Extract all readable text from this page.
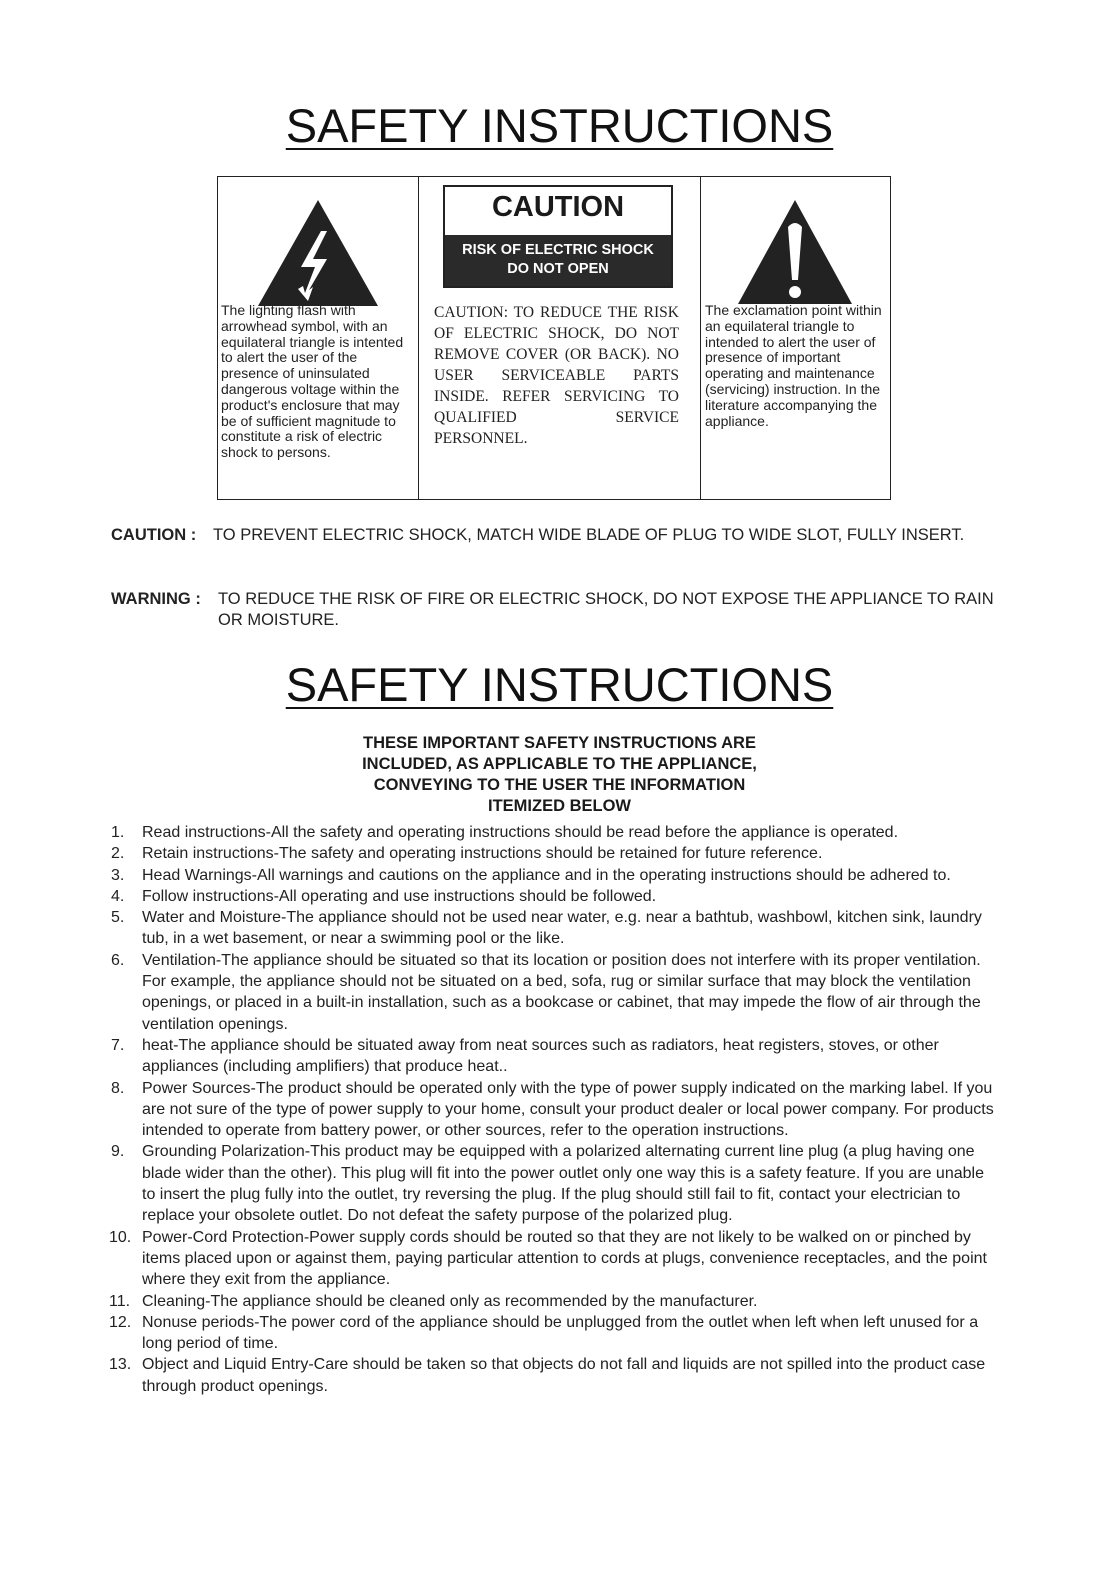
SAFETY INSTRUCTIONS
The lighting flash with arrowhead symbol, with an equilateral triangle is intented to alert the user of the presence of uninsulated dangerous voltage within the product's enclosure that may be of sufficient magnitude to constitute a risk of electric shock to persons.
CAUTION
RISK OF ELECTRIC SHOCK
DO NOT OPEN
CAUTION: TO REDUCE THE RISK OF ELECTRIC SHOCK, DO NOT REMOVE COVER (OR BACK). NO USER SERVICEABLE PARTS INSIDE. REFER SERVICING TO QUALIFIED SERVICE PERSONNEL.
The exclamation point within an equilateral triangle to intended to alert the user of presence of important operating and maintenance (servicing) instruction. In the literature accompanying the appliance.
CAUTION : TO PREVENT ELECTRIC SHOCK, MATCH WIDE BLADE OF PLUG TO WIDE SLOT, FULLY INSERT.
WARNING : TO REDUCE THE RISK OF FIRE OR ELECTRIC SHOCK, DO NOT EXPOSE THE APPLIANCE TO RAIN OR MOISTURE.
SAFETY INSTRUCTIONS
THESE IMPORTANT SAFETY INSTRUCTIONS ARE
INCLUDED, AS APPLICABLE TO THE APPLIANCE,
CONVEYING TO THE USER THE INFORMATION
ITEMIZED BELOW
1. Read instructions-All the safety and operating instructions should be read before the appliance is operated.
2. Retain instructions-The safety and operating instructions should be retained for future reference.
3. Head Warnings-All warnings and cautions on the appliance and in the operating instructions should be adhered to.
4. Follow instructions-All operating and use instructions should be followed.
5. Water and Moisture-The appliance should not be used near water, e.g. near a bathtub, washbowl, kitchen sink, laundry tub, in a wet basement, or near a swimming pool or the like.
6. Ventilation-The appliance should be situated so that its location or position does not interfere with its proper ventilation. For example, the appliance should not be situated on a bed, sofa, rug or similar surface that may block the ventilation openings, or placed in a built-in installation, such as a bookcase or cabinet, that may impede the flow of air through the ventilation openings.
7. heat-The appliance should be situated away from neat sources such as radiators, heat registers, stoves, or other appliances (including amplifiers) that produce heat..
8. Power Sources-The product should be operated only with the type of power supply indicated on the marking label. If you are not sure of the type of power supply to your home, consult your product dealer or local power company. For products intended to operate from battery power, or other sources, refer to the operation instructions.
9. Grounding Polarization-This product may be equipped with a polarized alternating current line plug (a plug having one blade wider than the other). This plug will fit into the power outlet only one way this is a safety feature. If you are unable to insert the plug fully into the outlet, try reversing the plug. If the plug should still fail to fit, contact your electrician to replace your obsolete outlet. Do not defeat the safety purpose of the polarized plug.
10. Power-Cord Protection-Power supply cords should be routed so that they are not likely to be walked on or pinched by items placed upon or against them, paying particular attention to cords at plugs, convenience receptacles, and the point where they exit from the appliance.
11. Cleaning-The appliance should be cleaned only as recommended by the manufacturer.
12. Nonuse periods-The power cord of the appliance should be unplugged from the outlet when left when left unused for a long period of time.
13. Object and Liquid Entry-Care should be taken so that objects do not fall and liquids are not spilled into the product case through product openings.
